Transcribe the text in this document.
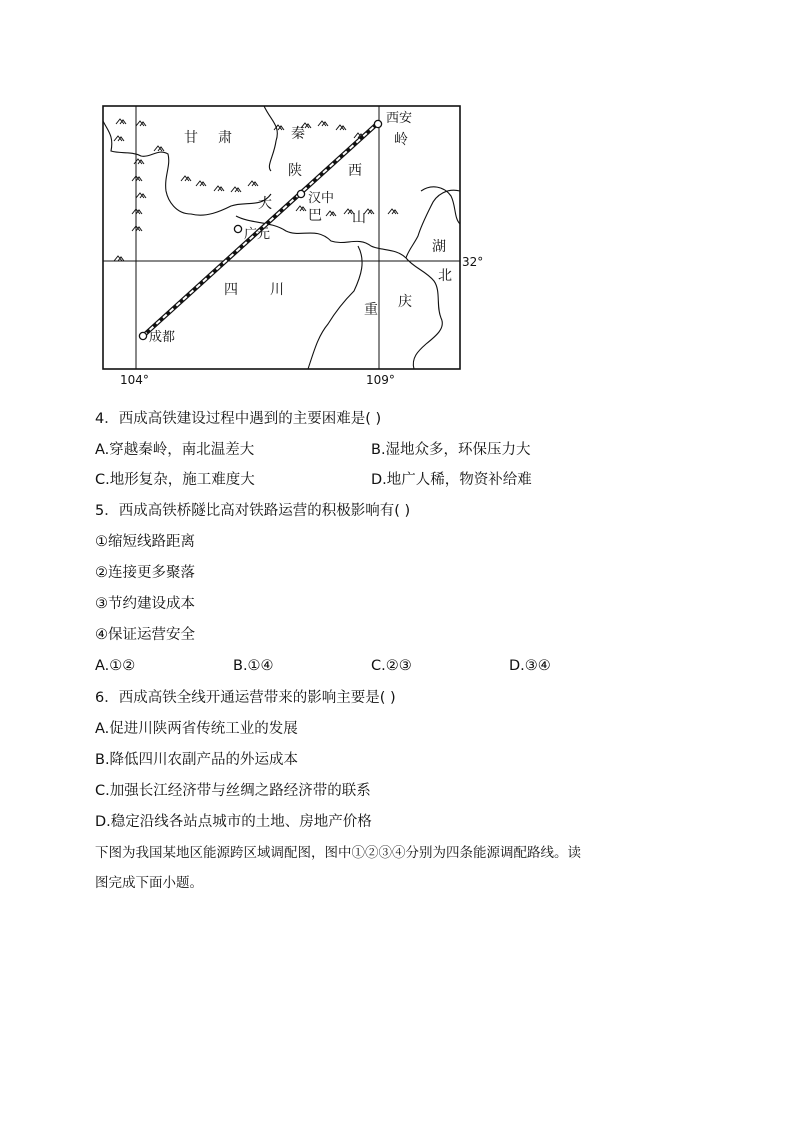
甘 肃
陕	西
四 川
重 庆
湖
北
秦	岭
大
巴 山
西安
汉中
广元
成都
104°	109°
32°
4．西成高铁建设过程中遇到的主要困难是( )
A.穿越秦岭，南北温差大	B.湿地众多，环保压力大
C.地形复杂，施工难度大	D.地广人稀，物资补给难
5．西成高铁桥隧比高对铁路运营的积极影响有( )
①缩短线路距离
②连接更多聚落
③节约建设成本
④保证运营安全
A.①②	B.①④	C.②③	D.③④
6．西成高铁全线开通运营带来的影响主要是( )
A.促进川陕两省传统工业的发展
B.降低四川农副产品的外运成本
C.加强长江经济带与丝绸之路经济带的联系
D.稳定沿线各站点城市的土地、房地产价格
下图为我国某地区能源跨区域调配图，图中①②③④分别为四条能源调配路线。读
图完成下面小题。
